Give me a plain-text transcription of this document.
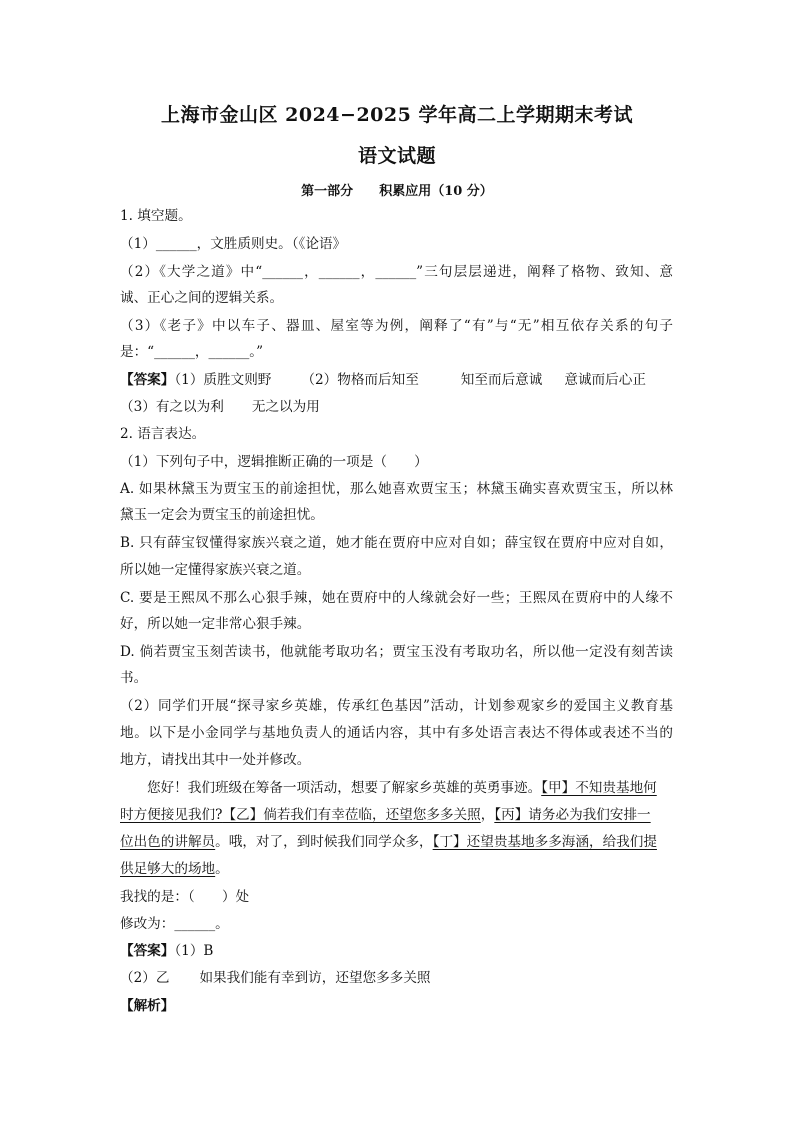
上海市金山区 2024−2025 学年高二上学期期末考试
语文试题
第一部分 积累应用（10 分）
1. 填空题。
（1）______，文胜质则史。（《论语》
（2）《大学之道》中“______，______，______”三句层层递进，阐释了格物、致知、意
诚、正心之间的逻辑关系。
（3）《老子》中以车子、器皿、屋室等为例，阐释了“有”与“无”相互依存关系的句子
是：“______，______。”
【答案】（1）质胜文则野 （2）物格而后知至	知至而后意诚 意诚而后心正
（3）有之以为利 无之以为用
2. 语言表达。
（1）下列句子中，逻辑推断正确的一项是（　　）
A. 如果林黛玉为贾宝玉的前途担忧，那么她喜欢贾宝玉；林黛玉确实喜欢贾宝玉，所以林
黛玉一定会为贾宝玉的前途担忧。
B. 只有薛宝钗懂得家族兴衰之道，她才能在贾府中应对自如；薛宝钗在贾府中应对自如，
所以她一定懂得家族兴衰之道。
C. 要是王熙凤不那么心狠手辣，她在贾府中的人缘就会好一些；王熙凤在贾府中的人缘不
好，所以她一定非常心狠手辣。
D. 倘若贾宝玉刻苦读书，他就能考取功名；贾宝玉没有考取功名，所以他一定没有刻苦读
书。
（2）同学们开展“探寻家乡英雄，传承红色基因”活动，计划参观家乡的爱国主义教育基
地。以下是小金同学与基地负责人的通话内容，其中有多处语言表达不得体或表述不当的
地方，请找出其中一处并修改。
您好！我们班级在筹备一项活动，想要了解家乡英雄的英勇事迹。【甲】不知贵基地何
时方便接见我们?【乙】倘若我们有幸莅临，还望您多多关照，【丙】请务必为我们安排一
位出色的讲解员。哦，对了，到时候我们同学众多，【丁】还望贵基地多多海涵，给我们提
供足够大的场地。
我找的是：（　　）处
修改为：______。
【答案】（1）B
（2）乙 如果我们能有幸到访，还望您多多关照
【解析】
